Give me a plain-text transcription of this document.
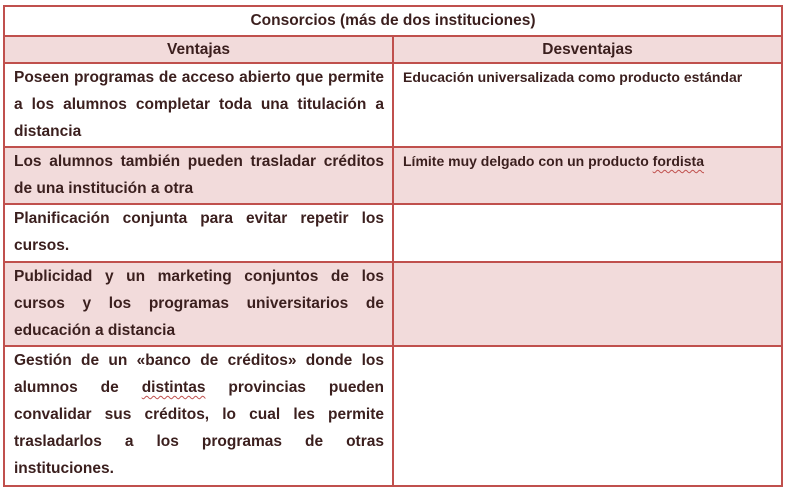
Consorcios (más de dos instituciones)	
Ventajas	Desventajas

Poseen programas de acceso abierto que permite a los alumnos completar toda una titulación a distancia	Educación universalizada como producto estándar

Los alumnos también pueden trasladar créditos de una institución a otra	Límite muy delgado con un producto fordista

Planificación conjunta para evitar repetir los cursos.	

Publicidad y un marketing conjuntos de los cursos y los programas universitarios de educación a distancia	

Gestión de un «banco de créditos» donde los alumnos de distintas provincias pueden convalidar sus créditos, lo cual les permite trasladarlos a los programas de otras instituciones.	
